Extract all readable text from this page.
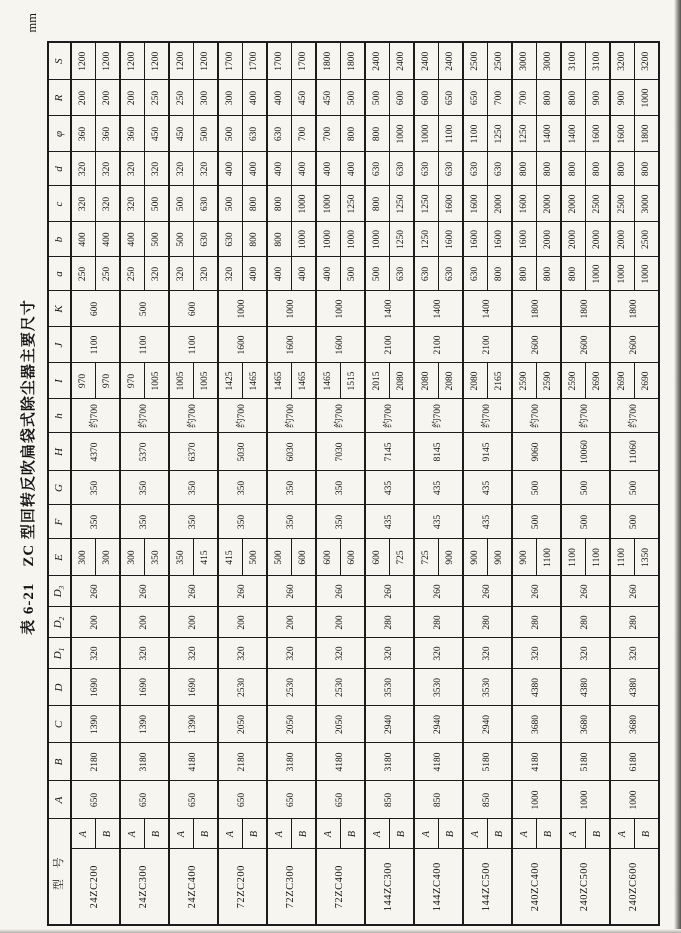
表 6-21　ZC 型回转反吹扁袋式除尘器主要尺寸
mm
型 号		A	B	C	D	$D_1$	$D_2$	$D_3$	E	F	G	H	h	I	J	K	a	b	c	d	φ	R	S
24ZC200	A	650	2180	1390	1690	320	200	260	300	350	350	4370	约700	970	1100	600	250	400	320	320	360	200	1200
	B								300					970			250	400	320	320	360	200	1200
24ZC300	A	650	3180	1390	1690	320	200	260	300	350	350	5370	约700	970	1100	500	250	400	320	320	360	200	1200
	B								350					1005			320	500	500	320	450	250	1200
24ZC400	A	650	4180	1390	1690	320	200	260	350	350	350	6370	约700	1005	1100	600	320	500	500	320	450	250	1200
	B								415					1005			320	630	630	320	500	300	1200
72ZC200	A	650	2180	2050	2530	320	200	260	415	350	350	5030	约700	1425	1600	1000	320	630	500	400	500	300	1700
	B								500					1465			400	800	800	400	630	400	1700
72ZC300	A	650	3180	2050	2530	320	200	260	500	350	350	6030	约700	1465	1600	1000	400	800	800	400	630	400	1700
	B								600					1465			400	1000	1000	400	700	450	1700
72ZC400	A	650	4180	2050	2530	320	200	260	600	350	350	7030	约700	1465	1600	1000	400	1000	1000	400	700	450	1800
	B								600					1515			500	1000	1250	400	800	500	1800
144ZC300	A	850	3180	2940	3530	320	280	260	600	435	435	7145	约700	2015	2100	1400	500	1000	800	630	800	500	2400
	B								725					2080			630	1250	1250	630	1000	600	2400
144ZC400	A	850	4180	2940	3530	320	280	260	725	435	435	8145	约700	2080	2100	1400	630	1250	1250	630	1000	600	2400
	B								900					2080			630	1600	1600	630	1100	650	2400
144ZC500	A	850	5180	2940	3530	320	280	260	900	435	435	9145	约700	2080	2100	1400	630	1600	1600	630	1100	650	2500
	B								900					2165			800	1600	2000	630	1250	700	2500
240ZC400	A	1000	4180	3680	4380	320	280	260	900	500	500	9060	约700	2590	2600	1800	800	1600	1600	800	1250	700	3000
	B								1100					2590			800	2000	2000	800	1400	800	3000
240ZC500	A	1000	5180	3680	4380	320	280	260	1100	500	500	10060	约700	2590	2600	1800	800	2000	2000	800	1400	800	3100
	B								1100					2690			1000	2000	2500	800	1600	900	3100
240ZC600	A	1000	6180	3680	4380	320	280	260	1100	500	500	11060	约700	2690	2600	1800	1000	2000	2500	800	1600	900	3200
	B								1350					2690			1000	2500	3000	800	1800	1000	3200
